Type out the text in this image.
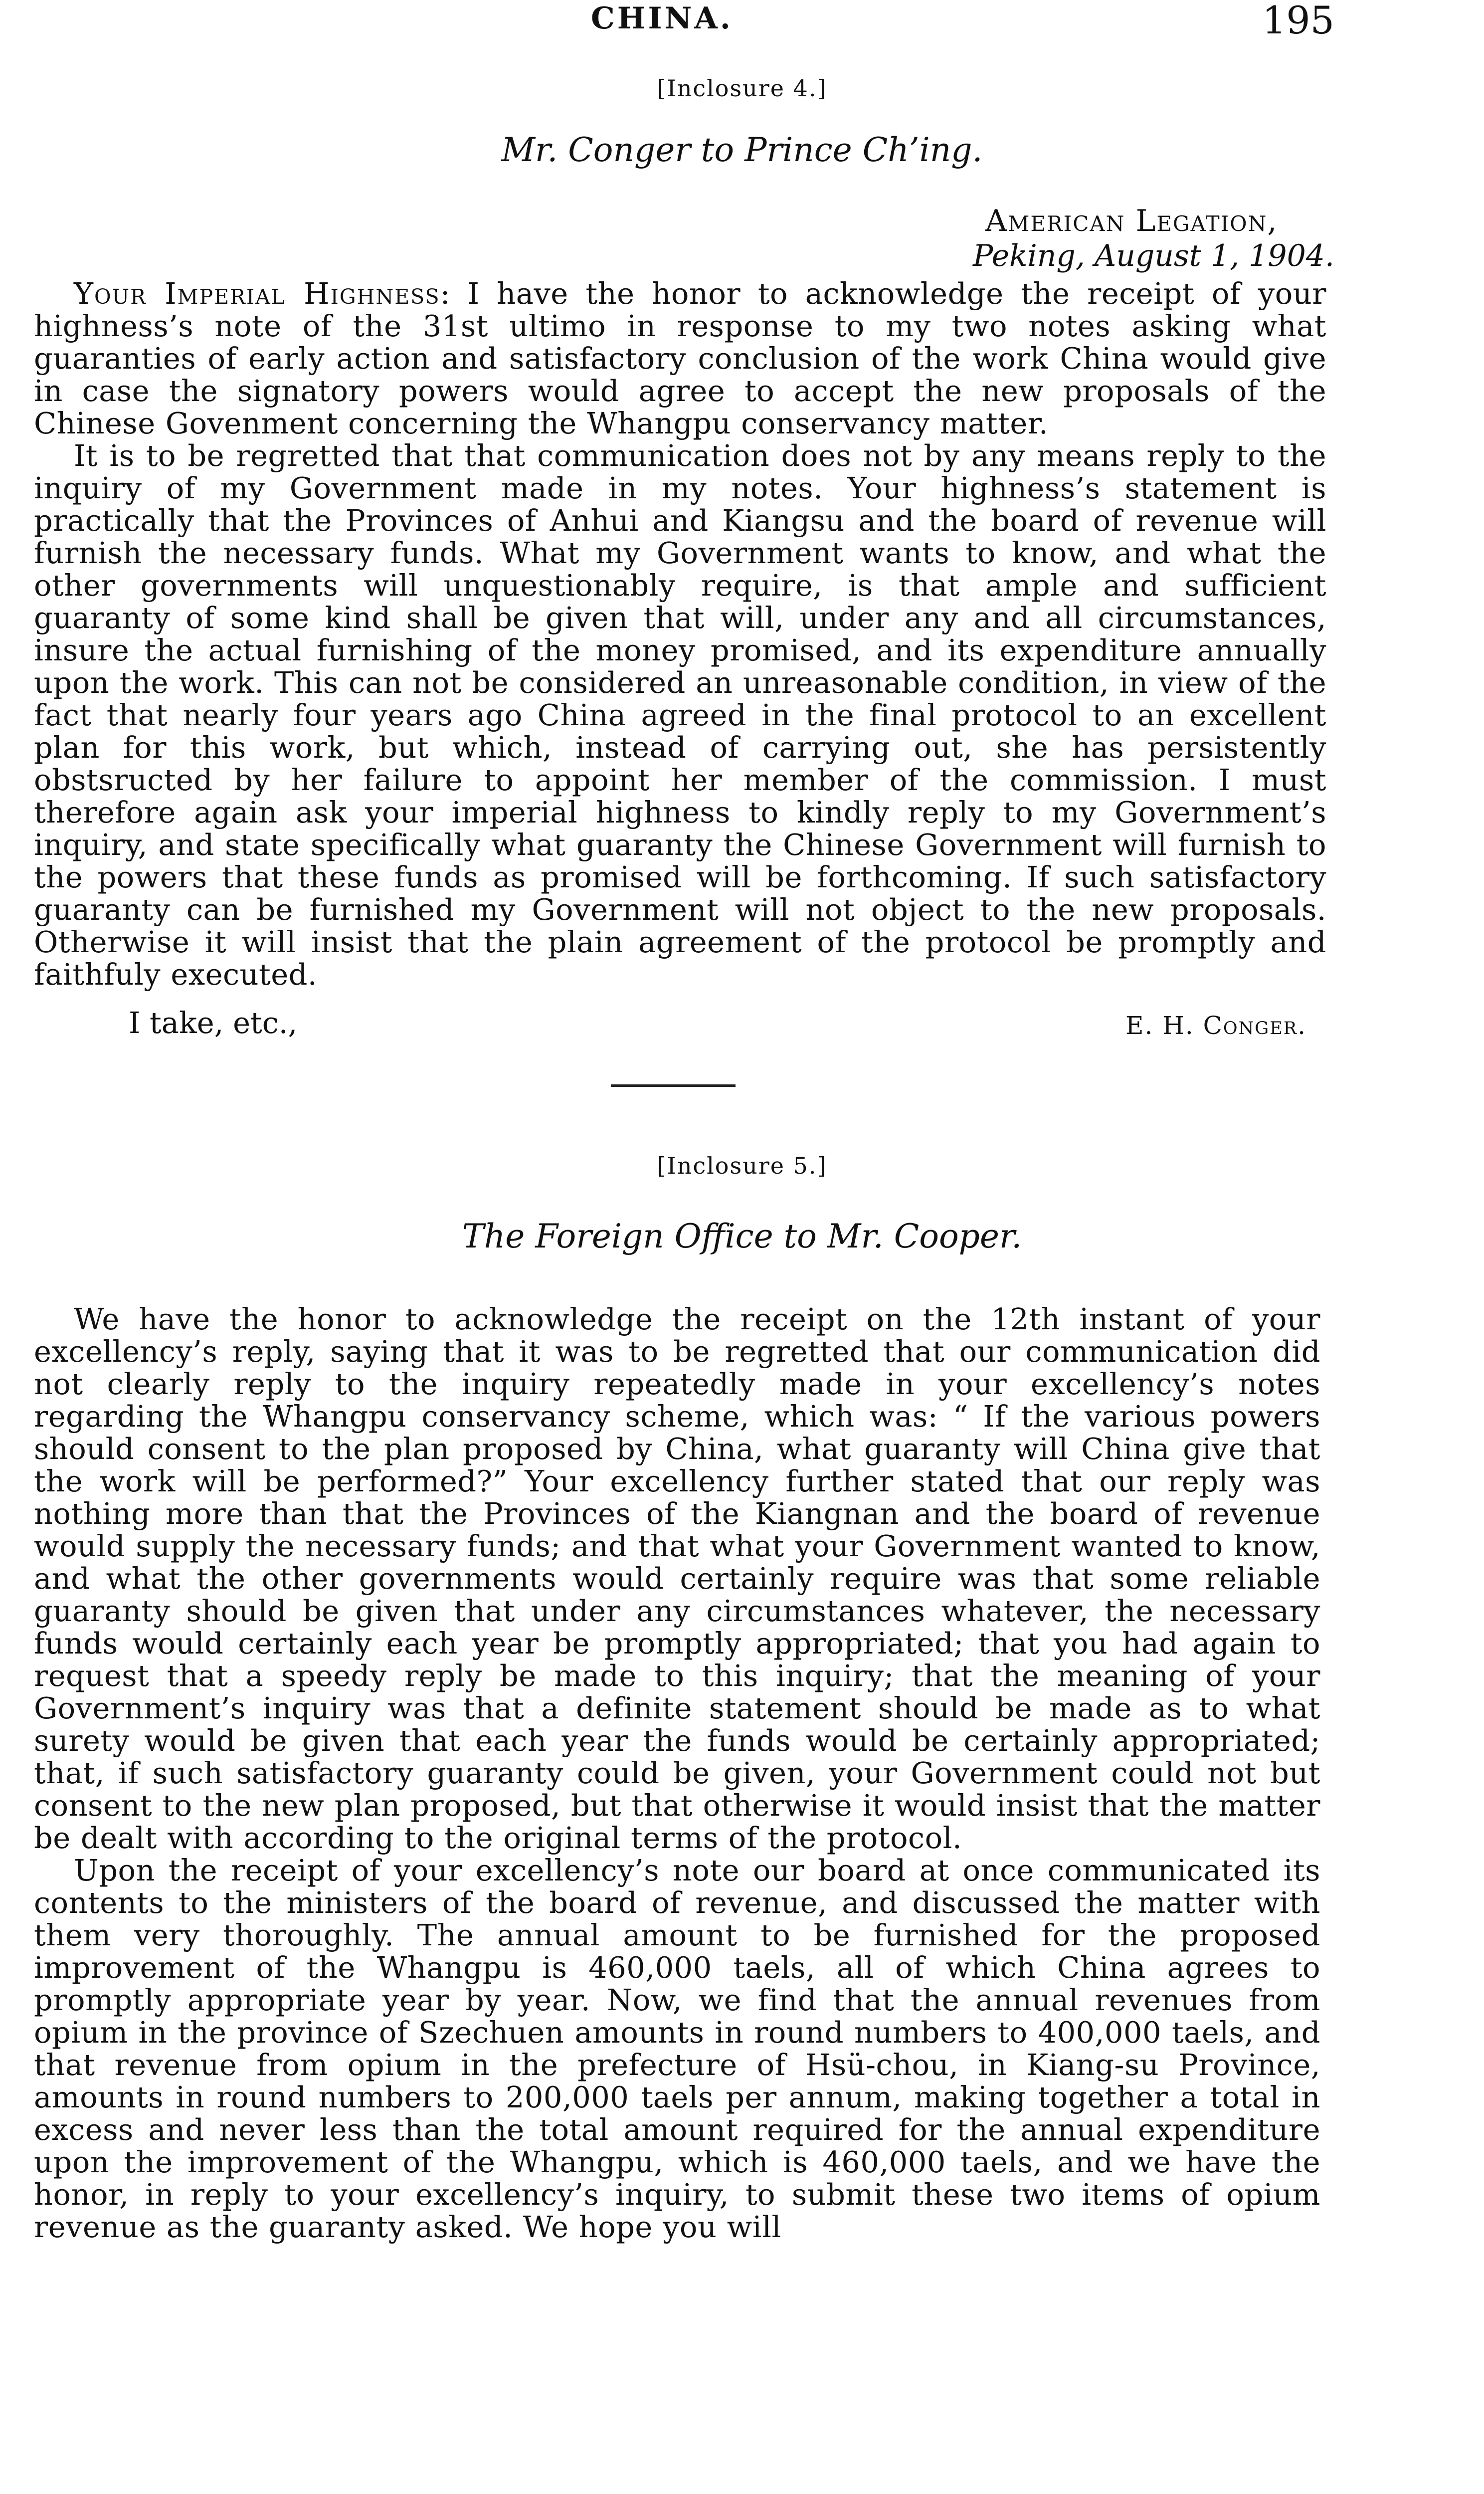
CHINA.	195
[Inclosure 4.]
Mr. Conger to Prince Ch’ing.
American Legation,
Peking, August 1, 1904.

Your Imperial Highness: I have the honor to acknowledge the receipt of your highness’s note of the 31st ultimo in response to my two notes asking what guaranties of early action and satisfactory conclusion of the work China would give in case the signatory powers would agree to accept the new proposals of the Chinese Govenment concerning the Whangpu conservancy matter.

It is to be regretted that that communication does not by any means reply to the inquiry of my Government made in my notes. Your highness’s statement is practically that the Provinces of Anhui and Kiangsu and the board of revenue will furnish the necessary funds. What my Government wants to know, and what the other governments will unquestionably require, is that ample and sufficient guaranty of some kind shall be given that will, under any and all circumstances, insure the actual furnishing of the money promised, and its expenditure annually upon the work. This can not be considered an unreasonable condition, in view of the fact that nearly four years ago China agreed in the final protocol to an excellent plan for this work, but which, instead of carrying out, she has persistently obstsructed by her failure to appoint her member of the commission. I must therefore again ask your imperial highness to kindly reply to my Government’s inquiry, and state specifically what guaranty the Chinese Government will furnish to the powers that these funds as promised will be forthcoming. If such satisfactory guaranty can be furnished my Government will not object to the new proposals. Otherwise it will insist that the plain agreement of the protocol be promptly and faithfuly executed.

I take, etc.,	E. H. Conger.
[Inclosure 5.]
The Foreign Office to Mr. Cooper.

We have the honor to acknowledge the receipt on the 12th instant of your excellency’s reply, saying that it was to be regretted that our communication did not clearly reply to the inquiry repeatedly made in your excellency’s notes regarding the Whangpu conservancy scheme, which was: “ If the various powers should consent to the plan proposed by China, what guaranty will China give that the work will be performed?” Your excellency further stated that our reply was nothing more than that the Provinces of the Kiangnan and the board of revenue would supply the necessary funds; and that what your Government wanted to know, and what the other governments would certainly require was that some reliable guaranty should be given that under any circumstances whatever, the necessary funds would certainly each year be promptly appropriated; that you had again to request that a speedy reply be made to this inquiry; that the meaning of your Government’s inquiry was that a definite statement should be made as to what surety would be given that each year the funds would be certainly appropriated; that, if such satisfactory guaranty could be given, your Government could not but consent to the new plan proposed, but that otherwise it would insist that the matter be dealt with according to the original terms of the protocol.

Upon the receipt of your excellency’s note our board at once communicated its contents to the ministers of the board of revenue, and discussed the matter with them very thoroughly. The annual amount to be furnished for the proposed improvement of the Whangpu is 460,000 taels, all of which China agrees to promptly appropriate year by year. Now, we find that the annual revenues from opium in the province of Szechuen amounts in round numbers to 400,000 taels, and that revenue from opium in the prefecture of Hsü-chou, in Kiang-su Province, amounts in round numbers to 200,000 taels per annum, making together a total in excess and never less than the total amount required for the annual expenditure upon the improvement of the Whangpu, which is 460,000 taels, and we have the honor, in reply to your excellency’s inquiry, to submit these two items of opium revenue as the guaranty asked. We hope you will
